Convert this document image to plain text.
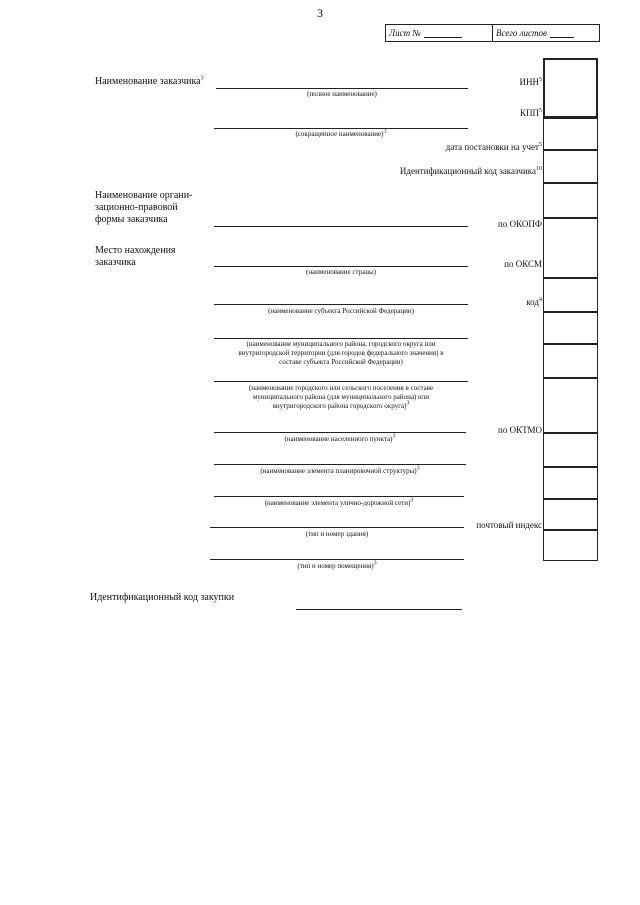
3
Лист №	Всего листов
Наименование заказчика$^3$
(полное наименование)
(сокращенное наименование)3
ИНН$^5$
КПП$^5$
дата постановки на учет$^5$
Идентификационный код заказчика$^{10}$
Наименование органи-
зационно-правовой
формы заказчика	по ОКОПФ
Место нахождения
заказчика
(наименование страны)
по ОКСМ
(наименование субъекта Российской Федерации)
код$^4$
(наименование муниципального района, городского округа или
внутригородской территории (для городов федерального значения) в
составе субъекта Российской Федерации)
(наименование городского или сельского поселения в составе
муниципального района (для муниципального района) или
внутригородского района городского округа)3
по ОКТМО
(наименование населенного пункта)3
(наименование элемента планировочной структуры)3
(наименование элемента улично-дорожной сети)3
почтовый индекс
(тип и номер здания)
(тип и номер помещения)3
Идентификационный код закупки
